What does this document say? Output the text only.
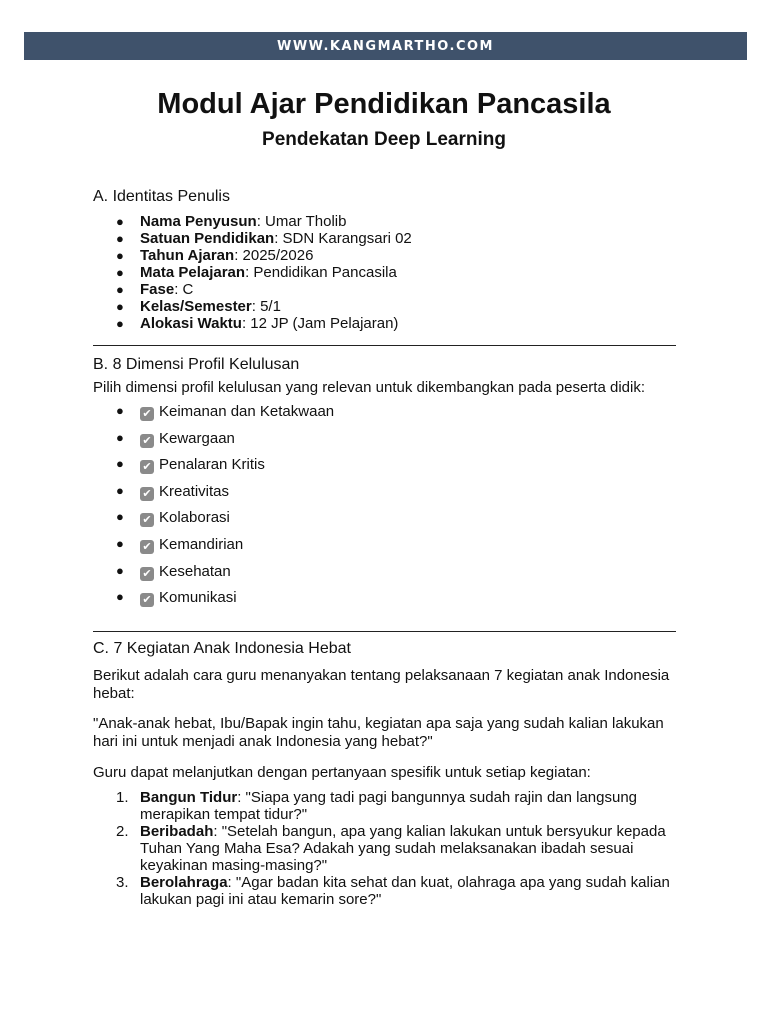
WWW.KANGMARTHO.COM
Modul Ajar Pendidikan Pancasila
Pendekatan Deep Learning

A. Identitas Penulis

● Nama Penyusun: Umar Tholib
● Satuan Pendidikan: SDN Karangsari 02
● Tahun Ajaran: 2025/2026
● Mata Pelajaran: Pendidikan Pancasila
● Fase: C
● Kelas/Semester: 5/1
● Alokasi Waktu: 12 JP (Jam Pelajaran)

B. 8 Dimensi Profil Kelulusan

Pilih dimensi profil kelulusan yang relevan untuk dikembangkan pada peserta didik:

● ✔ Keimanan dan Ketakwaan
● ✔ Kewargaan
● ✔ Penalaran Kritis
● ✔ Kreativitas
● ✔ Kolaborasi
● ✔ Kemandirian
● ✔ Kesehatan
● ✔ Komunikasi

C. 7 Kegiatan Anak Indonesia Hebat

Berikut adalah cara guru menanyakan tentang pelaksanaan 7 kegiatan anak Indonesia hebat:

"Anak-anak hebat, Ibu/Bapak ingin tahu, kegiatan apa saja yang sudah kalian lakukan hari ini untuk menjadi anak Indonesia yang hebat?"

Guru dapat melanjutkan dengan pertanyaan spesifik untuk setiap kegiatan:

1. Bangun Tidur: "Siapa yang tadi pagi bangunnya sudah rajin dan langsung merapikan tempat tidur?"
2. Beribadah: "Setelah bangun, apa yang kalian lakukan untuk bersyukur kepada Tuhan Yang Maha Esa? Adakah yang sudah melaksanakan ibadah sesuai keyakinan masing-masing?"
3. Berolahraga: "Agar badan kita sehat dan kuat, olahraga apa yang sudah kalian lakukan pagi ini atau kemarin sore?"
